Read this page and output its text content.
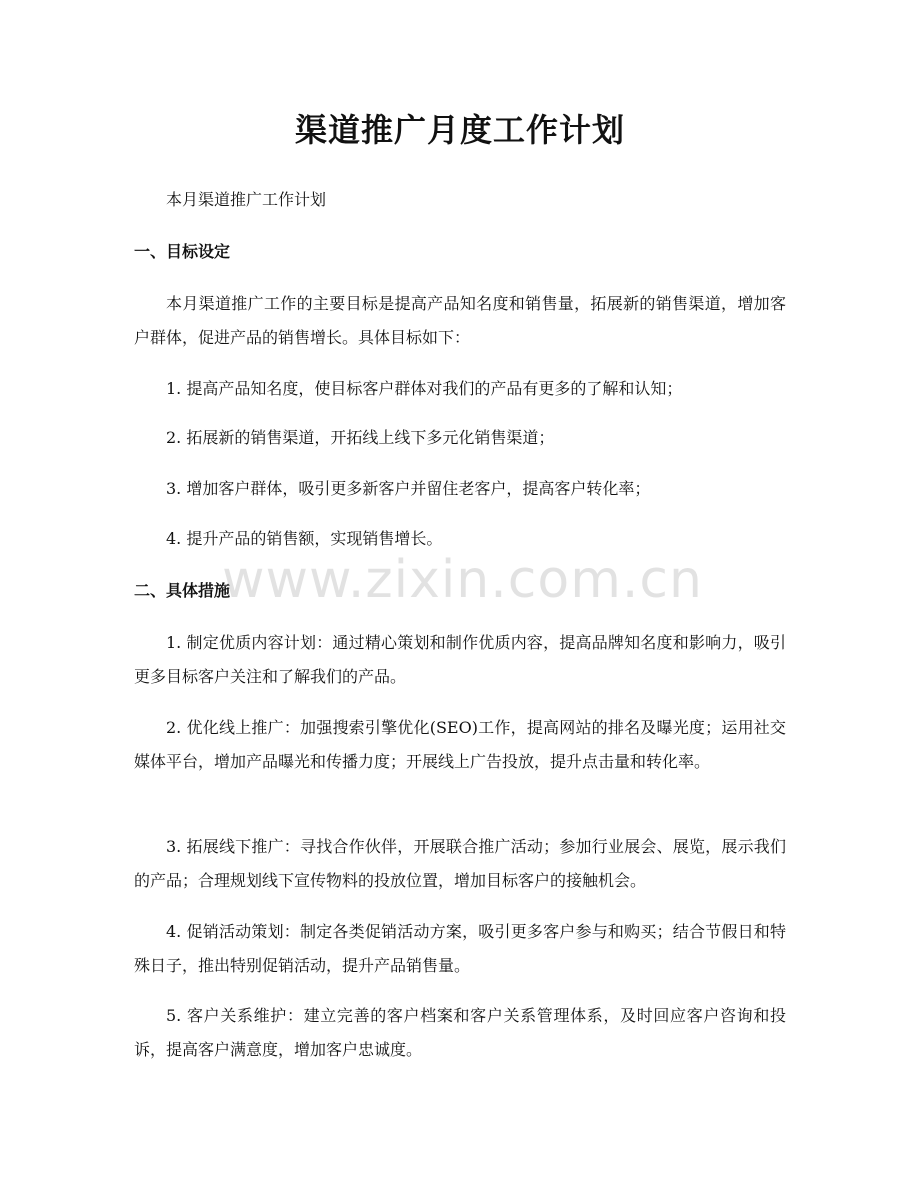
渠道推广月度工作计划

本月渠道推广工作计划

一、目标设定

本月渠道推广工作的主要目标是提高产品知名度和销售量，拓展新的销售渠道，增加客户群体，促进产品的销售增长。具体目标如下：

1. 提高产品知名度，使目标客户群体对我们的产品有更多的了解和认知；

2. 拓展新的销售渠道，开拓线上线下多元化销售渠道；

3. 增加客户群体，吸引更多新客户并留住老客户，提高客户转化率；

4. 提升产品的销售额，实现销售增长。

二、具体措施

1. 制定优质内容计划：通过精心策划和制作优质内容，提高品牌知名度和影响力，吸引更多目标客户关注和了解我们的产品。

2. 优化线上推广：加强搜索引擎优化(SEO)工作，提高网站的排名及曝光度；运用社交媒体平台，增加产品曝光和传播力度；开展线上广告投放，提升点击量和转化率。

3. 拓展线下推广：寻找合作伙伴，开展联合推广活动；参加行业展会、展览，展示我们的产品；合理规划线下宣传物料的投放位置，增加目标客户的接触机会。

4. 促销活动策划：制定各类促销活动方案，吸引更多客户参与和购买；结合节假日和特殊日子，推出特别促销活动，提升产品销售量。

5. 客户关系维护：建立完善的客户档案和客户关系管理体系，及时回应客户咨询和投诉，提高客户满意度，增加客户忠诚度。

www.zixin.com.cn
